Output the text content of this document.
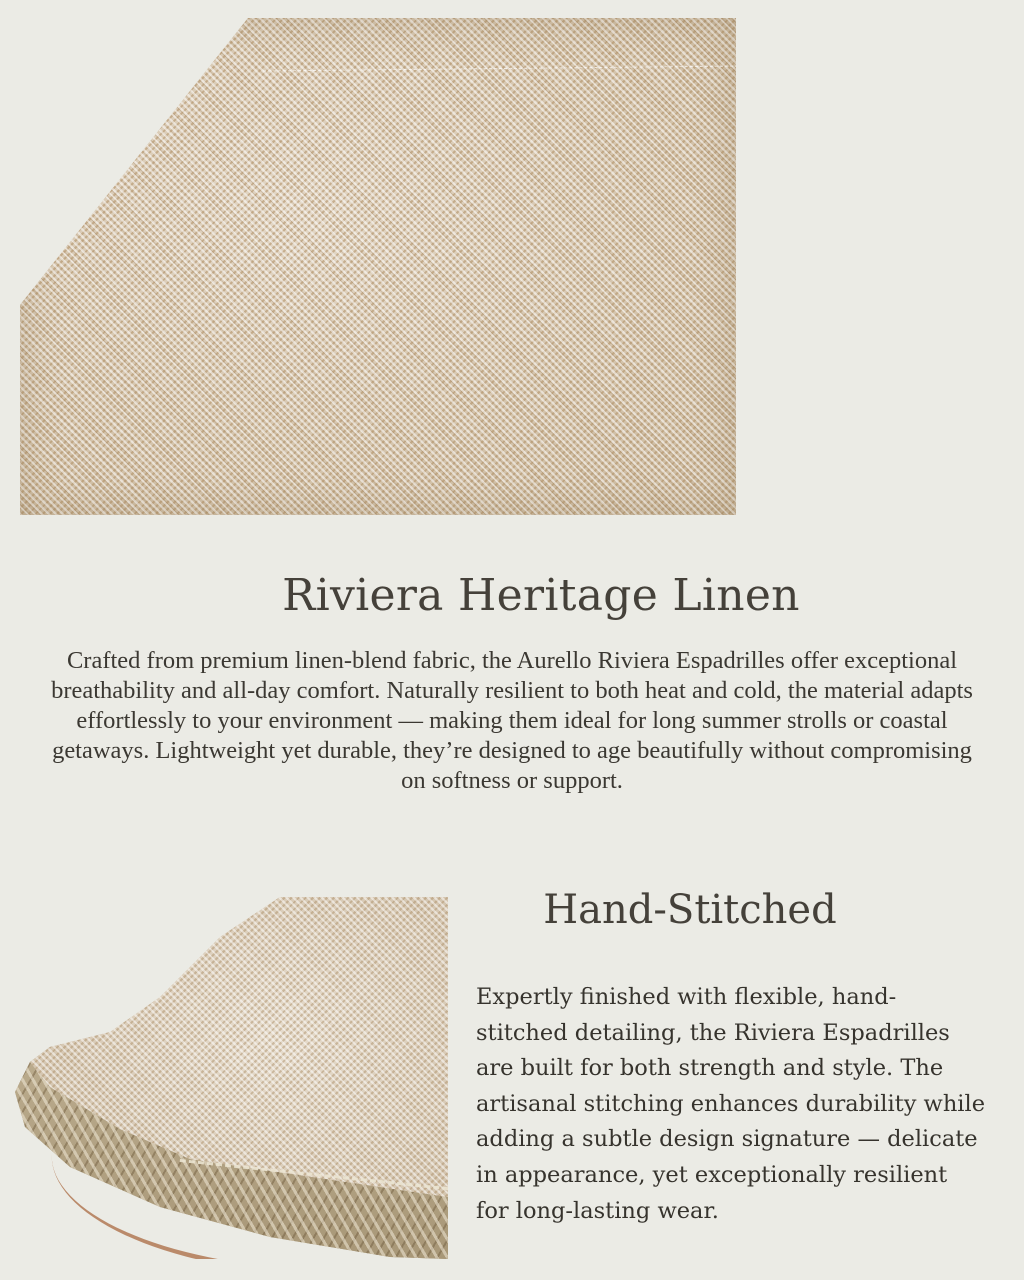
Riviera Heritage Linen

Crafted from premium linen-blend fabric, the Aurello Riviera Espadrilles offer exceptional breathability and all-day comfort. Naturally resilient to both heat and cold, the material adapts effortlessly to your environment — making them ideal for long summer strolls or coastal getaways. Lightweight yet durable, they’re designed to age beautifully without compromising on softness or support.

Hand-Stitched

Expertly finished with flexible, hand-stitched detailing, the Riviera Espadrilles are built for both strength and style. The artisanal stitching enhances durability while adding a subtle design signature — delicate in appearance, yet exceptionally resilient for long-lasting wear.
